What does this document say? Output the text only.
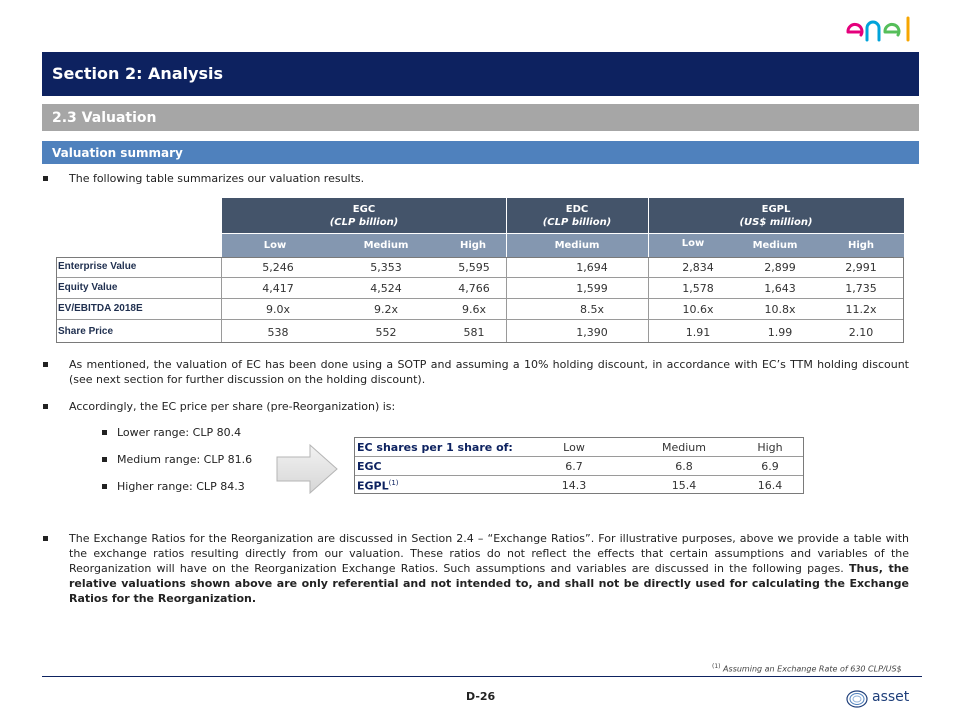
Section 2: Analysis
2.3 Valuation
Valuation summary
The following table summarizes our valuation results.
EGC
(CLP billion)
EDC
(CLP billion)
EGPL
(US$ million)
Low	Medium	High	Medium	Low	Medium	High
Enterprise Value	5,246	5,353	5,595	1,694	2,834	2,899	2,991
Equity Value	4,417	4,524	4,766	1,599	1,578	1,643	1,735
EV/EBITDA 2018E	9.0x	9.2x	9.6x	8.5x	10.6x	10.8x	11.2x
Share Price	538	552	581	1,390	1.91	1.99	2.10
As mentioned, the valuation of EC has been done using a SOTP and assuming a 10% holding discount, in accordance with EC’s TTM holding discount (see next section for further discussion on the holding discount).
Accordingly, the EC price per share (pre-Reorganization) is:
Lower range: CLP 80.4
Medium range: CLP 81.6
Higher range: CLP 84.3
EC shares per 1 share of:	Low	Medium	High
EGC	6.7	6.8	6.9
EGPL$^{(1)}$	14.3	15.4	16.4
The Exchange Ratios for the Reorganization are discussed in Section 2.4 – “Exchange Ratios”. For illustrative purposes, above we provide a table with the exchange ratios resulting directly from our valuation. These ratios do not reflect the effects that certain assumptions and variables of the Reorganization will have on the Reorganization Exchange Ratios. Such assumptions and variables are discussed in the following pages. Thus, the relative valuations shown above are only referential and not intended to, and shall not be directly used for calculating the Exchange Ratios for the Reorganization.
$^{(1)}$ Assuming an Exchange Rate of 630 CLP/US$
D-26	asset
